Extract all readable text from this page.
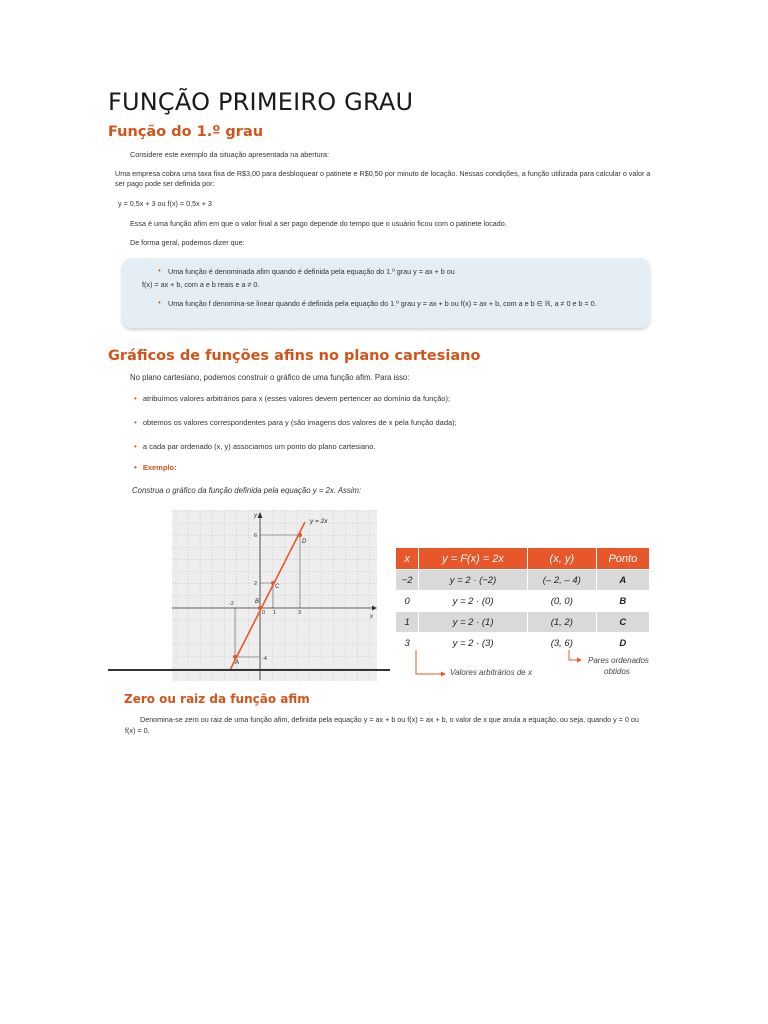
FUNÇÃO PRIMEIRO GRAU
Função do 1.º grau

Considere este exemplo da situação apresentada na abertura:

Uma empresa cobra uma taxa fixa de R$3,00 para desbloquear o patinete e R$0,50 por minuto de locação. Nessas condições, a função utilizada para calcular o valor a ser pago pode ser definida por:

y = 0,5x + 3 ou f(x) = 0,5x + 3

Essa é uma função afim em que o valor final a ser pago depende do tempo que o usuário ficou com o patinete locado.

De forma geral, podemos dizer que:

• Uma função é denominada afim quando é definida pela equação do 1.º grau y = ax + b ou

f(x) = ax + b, com a e b reais e a ≠ 0.

• Uma função f denomina-se linear quando é definida pela equação do 1.º grau y = ax + b ou f(x) = ax + b, com a e b ∈ ℝ, a ≠ 0 e b = 0.

Gráficos de funções afins no plano cartesiano

No plano cartesiano, podemos construir o gráfico de uma função afim. Para isso:

• atribuímos valores arbitrários para x (esses valores devem pertencer ao domínio da função);
• obtemos os valores correspondentes para y (são imagens dos valores de x pela função dada);
• a cada par ordenado (x, y) associamos um ponto do plano cartesiano.
• Exemplo:

Construa o gráfico da função definida pela equação y = 2x. Assim:

x
y
y = 2x
6
2
-2
0 1	3
-4
D
C
B
A
x	y = F(x) = 2x	(x, y)	Ponto
−2	y = 2 · (−2)	(– 2, – 4)	A
0	y = 2 · (0)	(0, 0)	B
1	y = 2 · (1)	(1, 2)	C
3	y = 2 · (3)	(3, 6)	D
Valores arbitrários de x
Pares ordenados
obtidos
Zero ou raiz da função afim

Denomina-se zero ou raiz de uma função afim, definida pela equação y = ax + b ou f(x) = ax + b, o valor de x que anula a equação, ou seja, quando y = 0 ou

f(x) = 0.
